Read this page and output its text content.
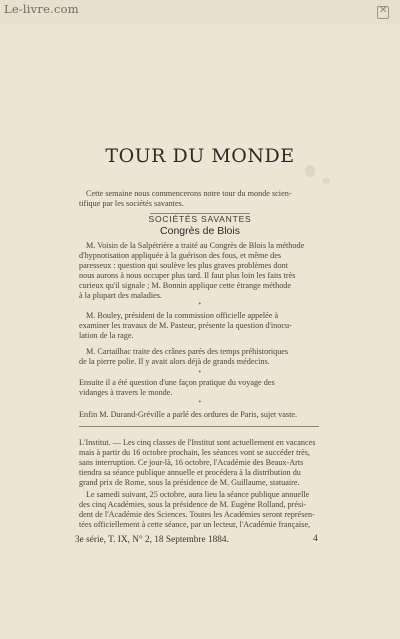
Le-livre.com	✕
TOUR DU MONDE
Cette semaine nous commencerons notre tour du monde scien-
tifique par les sociétés savantes.
SOCIÉTÉS SAVANTES
Congrès de Blois
M. Voisin de la Salpétrière a traité au Congrès de Blois la méthode
d'hypnotisation appliquée à la guérison des fous, et même des
paresseux : question qui soulève les plus graves problèmes dont
nous aurons à nous occuper plus tard. Il faut plus loin les faits très
curieux qu'il signale ; M. Bonnin applique cette étrange méthode
à la plupart des maladies.
•
M. Bouley, président de la commission officielle appelée à
examiner les travaux de M. Pasteur, présente la question d'inocu-
lation de la rage.
M. Cartailhac traite des crânes parés des temps préhistoriques
de la pierre polie. Il y avait alors déjà de grands médecins.
•
Ensuite il a été question d'une façon pratique du voyage des
vidanges à travers le monde.
•
Enfin M. Durand-Gréville a parlé des ordures de Paris, sujet vaste.
L'Institut. — Les cinq classes de l'Institut sont actuellement en vacances
mais à partir du 16 octobre prochain, les séances vont se succéder très,
sans interruption. Ce jour-là, 16 octobre, l'Académie des Beaux-Arts
tiendra sa séance publique annuelle et procédera à la distribution du
grand prix de Rome, sous la présidence de M. Guillaume, statuaire.
Le samedi suivant, 25 octobre, aura lieu la séance publique annuelle
des cinq Académies, sous la présidence de M. Eugène Rolland, prési-
dent de l'Académie des Sciences. Toutes les Académies seront représen-
tées officiellement à cette séance, par un lecteur, l'Académie française,
3e série, T. IX, N° 2, 18 Septembre 1884.	4
